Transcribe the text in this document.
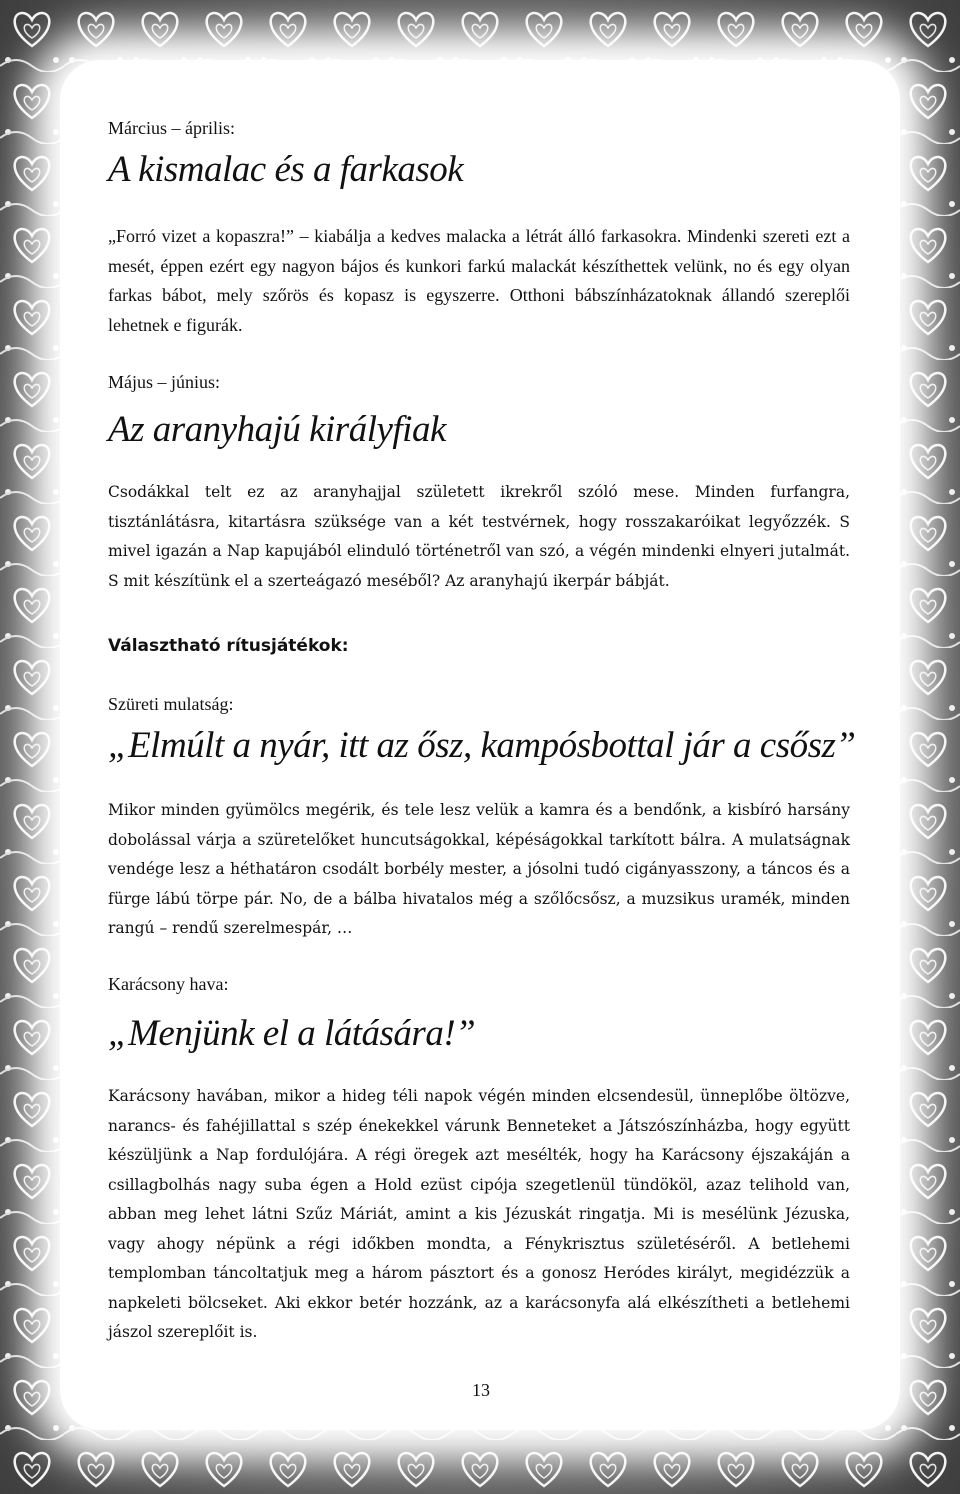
Március – április:
A kismalac és a farkasok

„Forró vizet a kopaszra!” – kiabálja a kedves malacka a létrát álló farkasokra. Mindenki szereti ezt a mesét, éppen ezért egy nagyon bájos és kunkori farkú malackát készíthettek velünk, no és egy olyan farkas bábot, mely szőrös és kopasz is egyszerre. Otthoni bábszínházatoknak állandó szereplői lehetnek e figurák.

Május – június:
Az aranyhajú királyfiak

Csodákkal telt ez az aranyhajjal született ikrekről szóló mese. Minden furfangra, tisztánlátásra, kitartásra szüksége van a két testvérnek, hogy rosszakaróikat legyőzzék. S mivel igazán a Nap kapujából elinduló történetről van szó, a végén mindenki elnyeri jutalmát. S mit készítünk el a szerteágazó meséből? Az aranyhajú ikerpár bábját.

Választható rítusjátékok:
Szüreti mulatság:
„Elmúlt a nyár, itt az ősz, kampósbottal jár a csősz”

Mikor minden gyümölcs megérik, és tele lesz velük a kamra és a bendőnk, a kisbíró harsány dobolással várja a szüretelőket huncutságokkal, képéságokkal tarkított bálra. A mulatságnak vendége lesz a héthatáron csodált borbély mester, a jósolni tudó cigányasszony, a táncos és a fürge lábú törpe pár. No, de a bálba hivatalos még a szőlőcsősz, a muzsikus uramék, minden rangú – rendű szerelmespár, …

Karácsony hava:
„Menjünk el a látására!”

Karácsony havában, mikor a hideg téli napok végén minden elcsendesül, ünneplőbe öltözve, narancs- és fahéjillattal s szép énekekkel várunk Benneteket a Játszószínházba, hogy együtt készüljünk a Nap fordulójára. A régi öregek azt mesélték, hogy ha Karácsony éjszakáján a csillagbolhás nagy suba égen a Hold ezüst cipója szegetlenül tündököl, azaz telihold van, abban meg lehet látni Szűz Máriát, amint a kis Jézuskát ringatja. Mi is mesélünk Jézuska, vagy ahogy népünk a régi időkben mondta, a Fénykrisztus születéséről. A betlehemi templomban táncoltatjuk meg a három pásztort és a gonosz Heródes királyt, megidézzük a napkeleti bölcseket. Aki ekkor betér hozzánk, az a karácsonyfa alá elkészítheti a betlehemi jászol szereplőit is.

13
